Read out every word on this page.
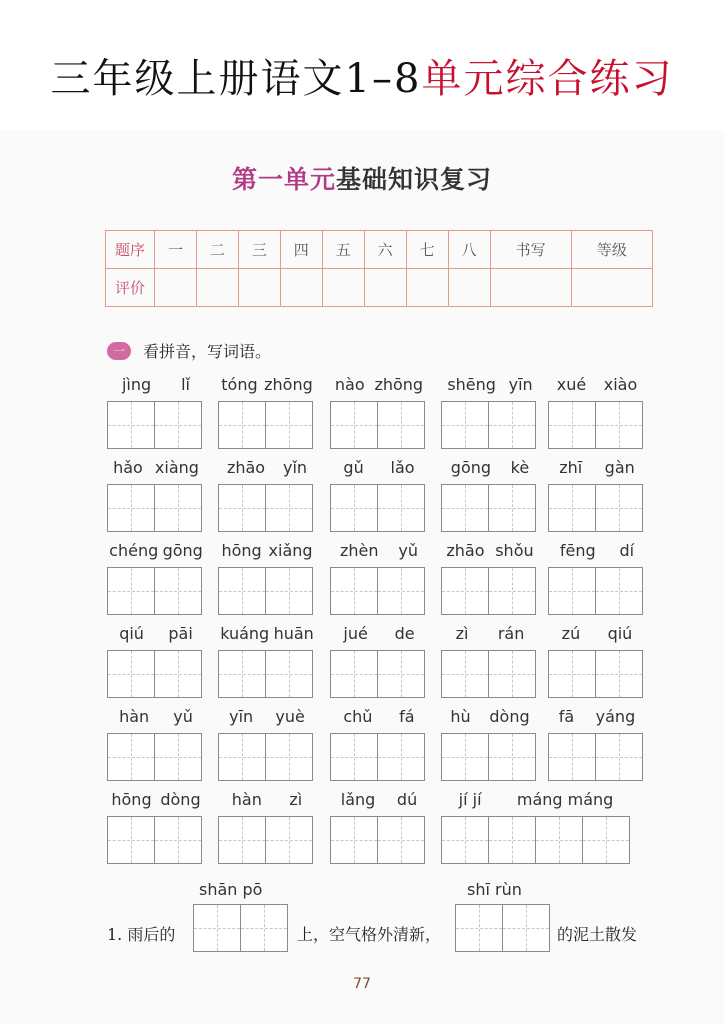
三年级上册语文1–8单元综合练习
第一单元基础知识复习
题序	一	二	三	四	五	六	七	八	书写	等级
评价										
一	看拼音，写词语。
jìng lǐ tóng zhōng nào zhōng shēng yīn xué xiào
hǎo xiàng zhāo yǐn gǔ lǎo gōng kè zhī gàn
chéng gōng hōng xiǎng zhèn yǔ zhāo shǒu fēng dí
qiú pāi kuáng huān jué de	zì rán zú qiú
hàn yǔ yīn yuè chǔ fá hù dòng fā yáng
hōng dòng hàn zì lǎng dú	jí jí máng máng
shān pō	shī rùn
1. 雨后的	上，空气格外清新，	的泥土散发
77
